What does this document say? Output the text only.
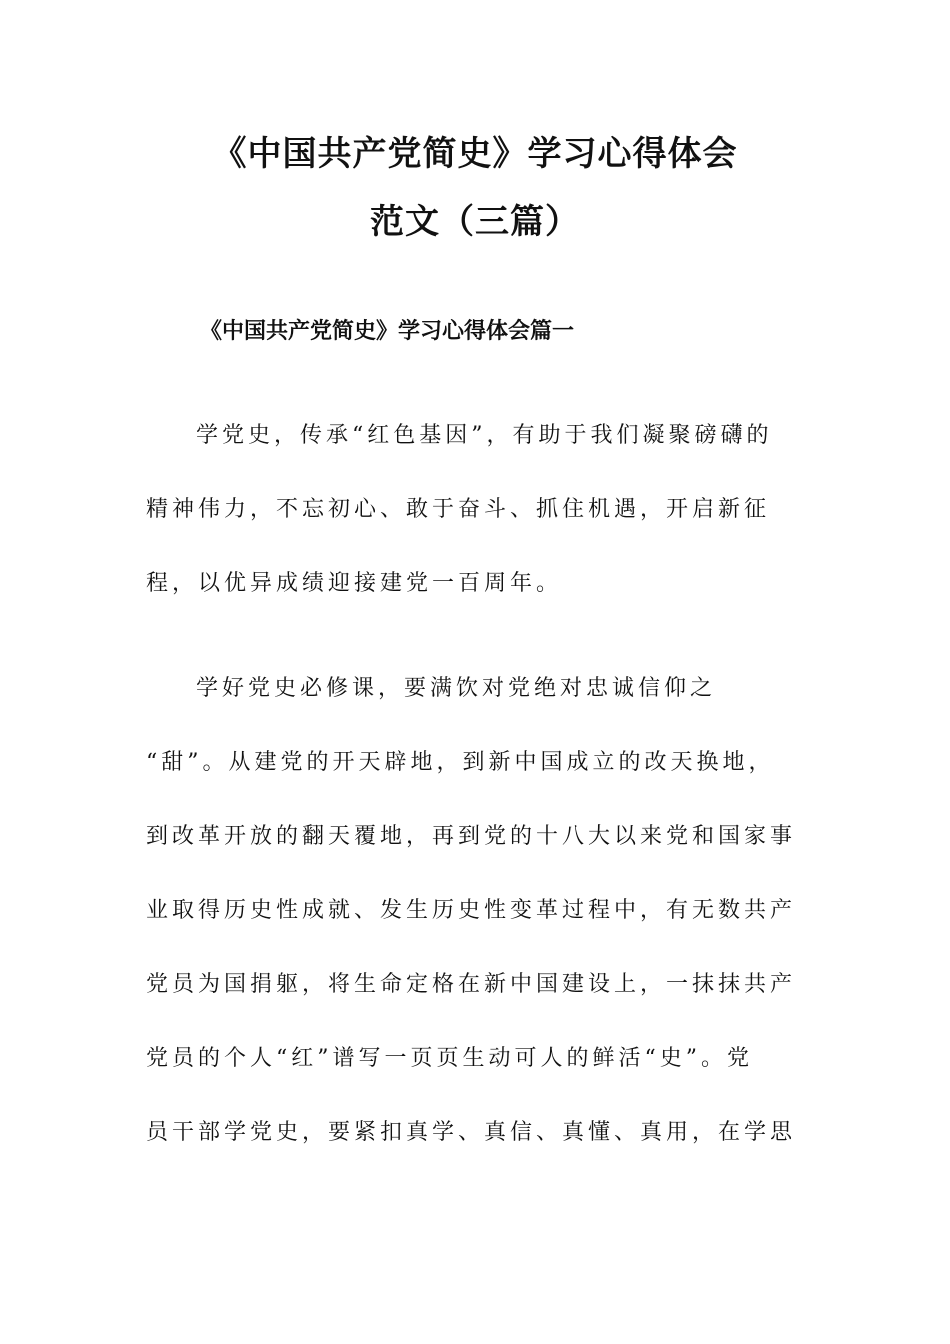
《中国共产党简史》学习心得体会
范文（三篇）
《中国共产党简史》学习心得体会篇一
学党史，传承“红色基因”，有助于我们凝聚磅礴的
精神伟力，不忘初心、敢于奋斗、抓住机遇，开启新征
程，以优异成绩迎接建党一百周年。
学好党史必修课，要满饮对党绝对忠诚信仰之
“甜”。从建党的开天辟地，到新中国成立的改天换地，
到改革开放的翻天覆地，再到党的十八大以来党和国家事
业取得历史性成就、发生历史性变革过程中，有无数共产
党员为国捐躯，将生命定格在新中国建设上，一抹抹共产
党员的个人“红”谱写一页页生动可人的鲜活“史”。党
员干部学党史，要紧扣真学、真信、真懂、真用，在学思
